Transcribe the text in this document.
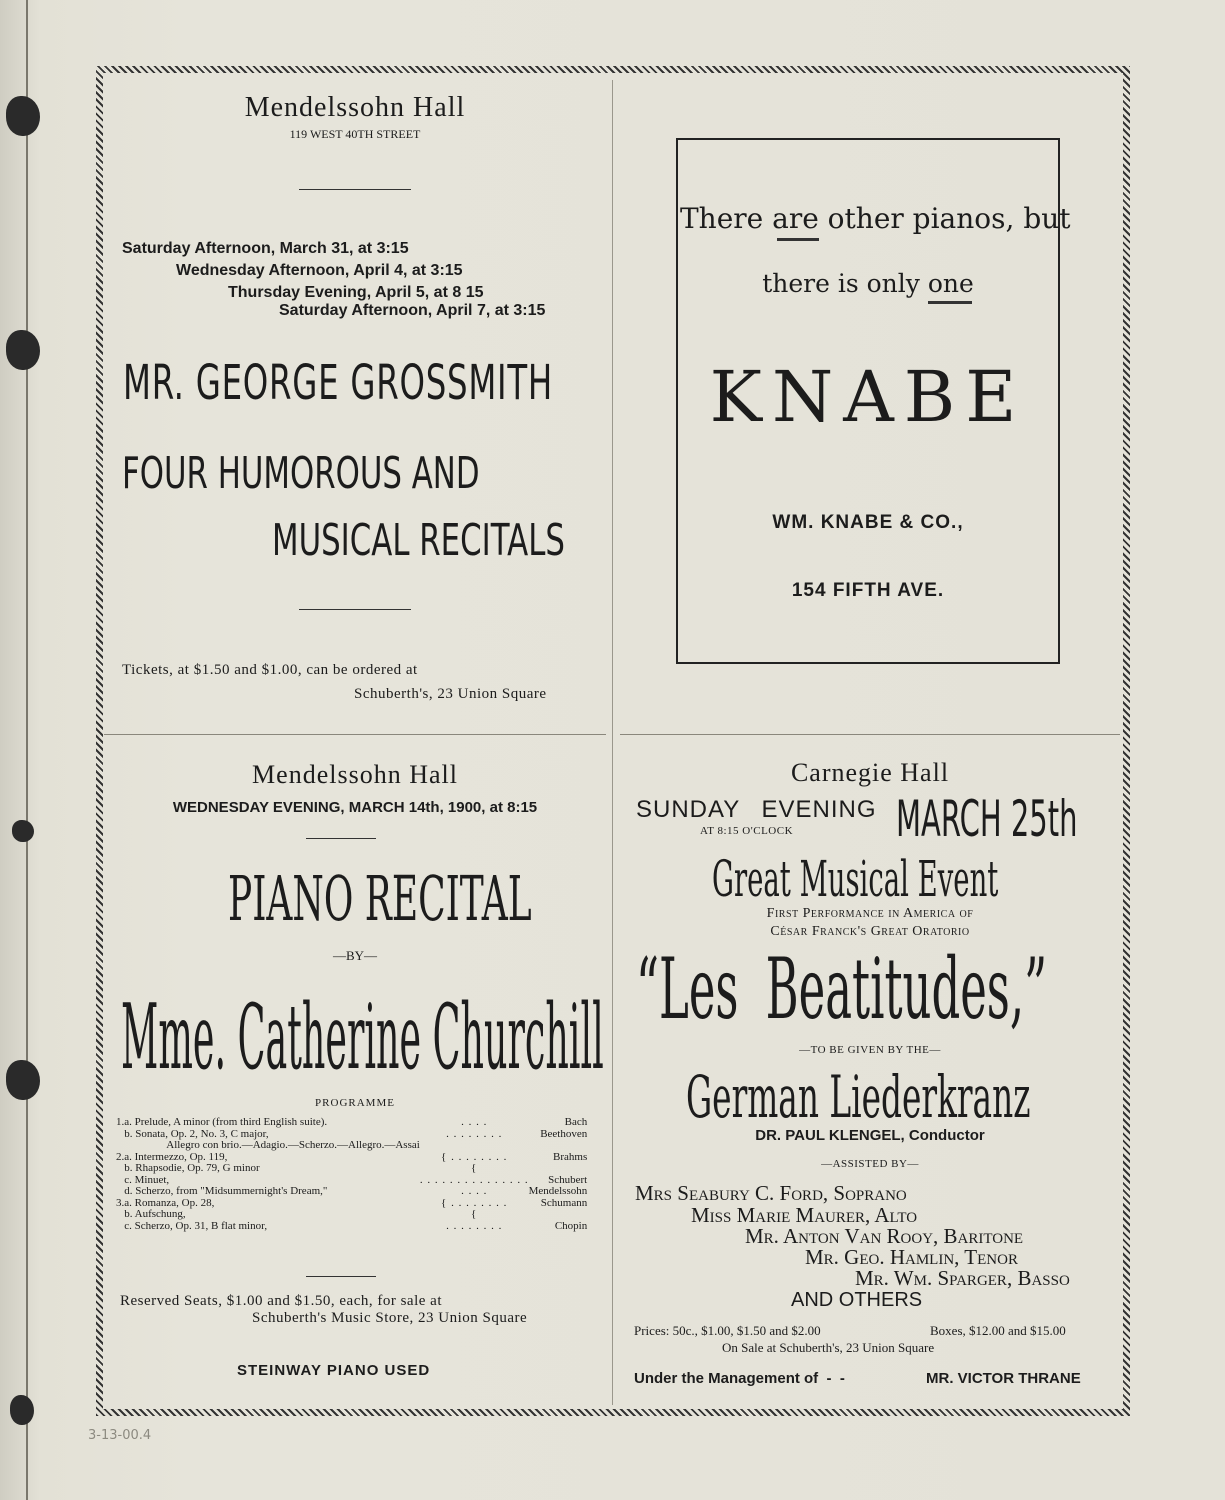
Mendelssohn Hall
119 WEST 40TH STREET
Saturday Afternoon, March 31, at 3:15
Wednesday Afternoon, April 4, at 3:15
Thursday Evening, April 5, at 8 15
Saturday Afternoon, April 7, at 3:15
MR. GEORGE GROSSMITH
FOUR HUMOROUS AND
MUSICAL RECITALS
Tickets, at $1.50 and $1.00, can be ordered at
Schuberth's, 23 Union Square
There are other pianos, but
there is only one
KNABE
WM. KNABE & CO.,
154 FIFTH AVE.
Mendelssohn Hall
WEDNESDAY EVENING, MARCH 14th, 1900, at 8:15
PIANO RECITAL
—BY—
Mme. Catherine Churchill
PROGRAMME
1.	a. Prelude, A minor (from third English suite).	. . . .	Bach
	b. Sonata, Op. 2, No. 3, C major,	. . . . . . . .	Beethoven
	Allegro con brio.—Adagio.—Scherzo.—Allegro.—Assai		
2.	a. Intermezzo, Op. 119,	{ . . . . . . . .	Brahms
	b. Rhapsodie, Op. 79, G minor	{	
	c. Minuet,	. . . . . . . . . . . . . . .	Schubert
	d. Scherzo, from "Midsummernight's Dream,"	. . . .	Mendelssohn
3.	a. Romanza, Op. 28,	{ . . . . . . . .	Schumann
	b. Aufschung,	{	
	c. Scherzo, Op. 31, B flat minor,	. . . . . . . .	Chopin
Reserved Seats, $1.00 and $1.50, each, for sale at
Schuberth's Music Store, 23 Union Square
STEINWAY PIANO USED
Carnegie Hall
SUNDAY EVENING
AT 8:15 O'CLOCK MARCH 25th
Great Musical Event
First Performance in America of
César Franck's Great Oratorio
“Les Beatitudes,”
—TO BE GIVEN BY THE—
German Liederkranz
DR. PAUL KLENGEL, Conductor
—ASSISTED BY—
Mrs Seabury C. Ford, Soprano
Miss Marie Maurer, Alto
Mr. Anton Van Rooy, Baritone
Mr. Geo. Hamlin, Tenor
Mr. Wm. Sparger, Basso
AND OTHERS
Prices: 50c., $1.00, $1.50 and $2.00	Boxes, $12.00 and $15.00
On Sale at Schuberth's, 23 Union Square
Under the Management of  -  -	MR. VICTOR THRANE
3-13-00.4
